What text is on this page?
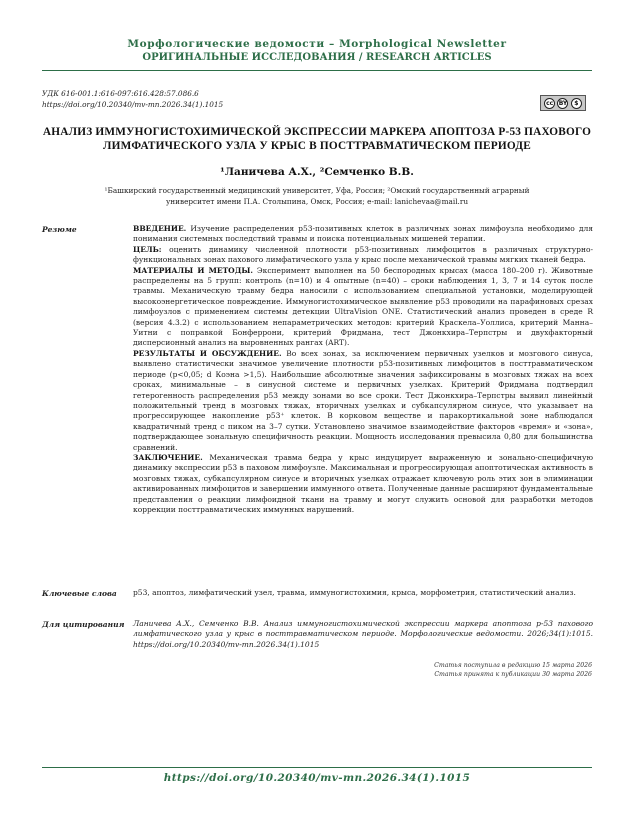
Морфологические ведомости – Morphological Newsletter
ОРИГИНАЛЬНЫЕ ИССЛЕДОВАНИЯ / RESEARCH ARTICLES
УДК 616-001.1:616-097:616.428:57.086.6
https://doi.org/10.20340/mv-mn.2026.34(1).1015	cc BY	$
АНАЛИЗ ИММУНОГИСТОХИМИЧЕСКОЙ ЭКСПРЕССИИ МАРКЕРА АПОПТОЗА P-53 ПАХОВОГО ЛИМФАТИЧЕСКОГО УЗЛА У КРЫС В ПОСТТРАВМАТИЧЕСКОМ ПЕРИОДЕ
¹Ланичева А.Х., ²Семченко В.В.
¹Башкирский государственный медицинский университет, Уфа, Россия; ²Омский государственный аграрный университет имени П.А. Столыпина, Омск, Россия; e-mail: lanichevaa@mail.ru
Резюме	ВВЕДЕНИЕ. Изучение распределения p53-позитивных клеток в различных зонах лимфоузла необходимо для понимания системных последствий травмы и поиска потенциальных мишеней терапии.

ЦЕЛЬ: оценить динамику численной плотности p53-позитивных лимфоцитов в различных структурно-функциональных зонах пахового лимфатического узла у крыс после механической травмы мягких тканей бедра.

МАТЕРИАЛЫ И МЕТОДЫ. Эксперимент выполнен на 50 беспородных крысах (масса 180–200 г). Животные распределены на 5 групп: контроль (n=10) и 4 опытные (n=40) – сроки наблюдения 1, 3, 7 и 14 суток после травмы. Механическую травму бедра наносили с использованием специальной установки, моделирующей высокоэнергетическое повреждение. Иммуногистохимическое выявление p53 проводили на парафиновых срезах лимфоузлов с применением системы детекции UltraVision ONE. Статистический анализ проведен в среде R (версия 4.3.2) с использованием непараметрических методов: критерий Краскела–Уоллиса, критерий Манна–Уитни с поправкой Бонферрони, критерий Фридмана, тест Джонкхира–Терпстры и двухфакторный дисперсионный анализ на выровненных рангах (ART).

РЕЗУЛЬТАТЫ И ОБСУЖДЕНИЕ. Во всех зонах, за исключением первичных узелков и мозгового синуса, выявлено статистически значимое увеличение плотности p53-позитивных лимфоцитов в посттравматическом периоде (p<0,05; d Коэна >1,5). Наибольшие абсолютные значения зафиксированы в мозговых тяжах на всех сроках, минимальные – в синусной системе и первичных узелках. Критерий Фридмана подтвердил гетерогенность распределения p53 между зонами во все сроки. Тест Джонкхира–Терпстры выявил линейный положительный тренд в мозговых тяжах, вторичных узелках и субкапсулярном синусе, что указывает на прогрессирующее накопление p53⁺ клеток. В корковом веществе и паракортикальной зоне наблюдался квадратичный тренд с пиком на 3–7 сутки. Установлено значимое взаимодействие факторов «время» и «зона», подтверждающее зональную специфичность реакции. Мощность исследования превысила 0,80 для большинства сравнений.

ЗАКЛЮЧЕНИЕ. Механическая травма бедра у крыс индуцирует выраженную и зонально-специфичную динамику экспрессии p53 в паховом лимфоузле. Максимальная и прогрессирующая апоптотическая активность в мозговых тяжах, субкапсулярном синусе и вторичных узелках отражает ключевую роль этих зон в элиминации активированных лимфоцитов и завершении иммунного ответа. Полученные данные расширяют фундаментальные представления о реакции лимфоидной ткани на травму и могут служить основой для разработки методов коррекции посттравматических иммунных нарушений.

Ключевые слова p53, апоптоз, лимфатический узел, травма, иммуногистохимия, крыса, морфометрия, статистический анализ.
Для цитирования Ланичева А.Х., Семченко В.В. Анализ иммуногистохимической экспрессии маркера апоптоза p-53 пахового лимфатического узла у крыс в посттравматическом периоде. Морфологические ведомости. 2026;34(1):1015. https://doi.org/10.20340/mv-mn.2026.34(1).1015
Статья поступила в редакцию 15 марта 2026
Статья принята к публикации 30 марта 2026
https://doi.org/10.20340/mv-mn.2026.34(1).1015
